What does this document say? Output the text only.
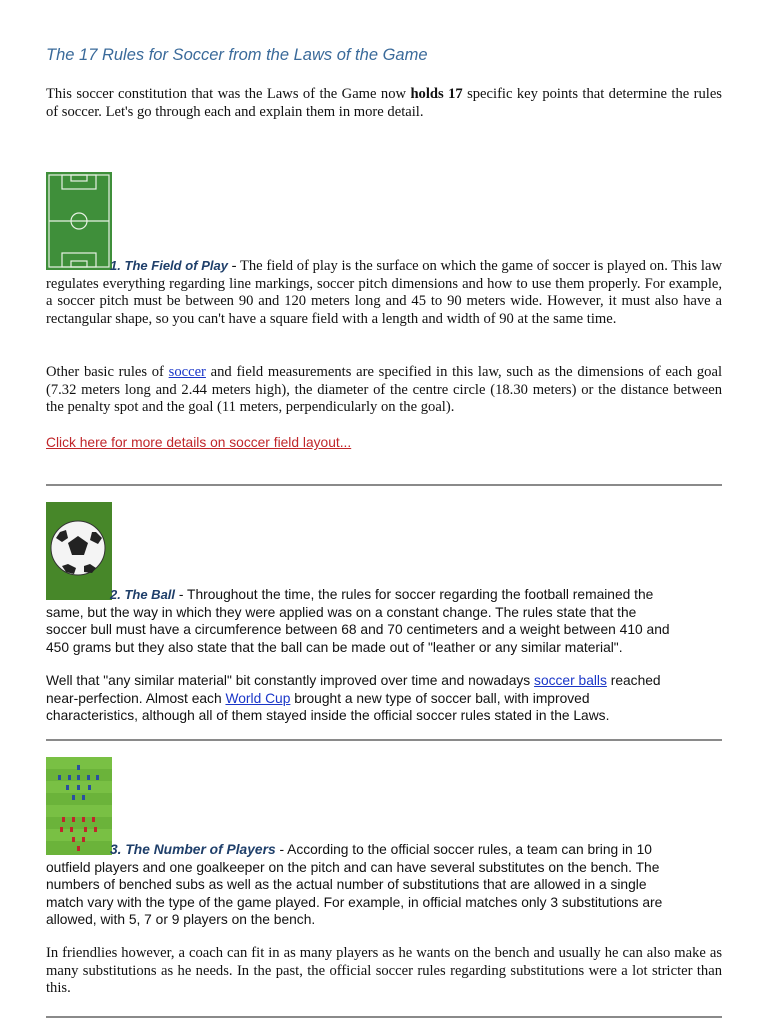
The 17 Rules for Soccer from the Laws of the Game

This soccer constitution that was the Laws of the Game now holds 17 specific key points that determine the rules of soccer. Let's go through each and explain them in more detail.

1. The Field of Play - The field of play is the surface on which the game of soccer is played on. This law regulates everything regarding line markings, soccer pitch dimensions and how to use them properly. For example, a soccer pitch must be between 90 and 120 meters long and 45 to 90 meters wide. However, it must also have a rectangular shape, so you can't have a square field with a length and width of 90 at the same time.

Other basic rules of soccer and field measurements are specified in this law, such as the dimensions of each goal (7.32 meters long and 2.44 meters high), the diameter of the centre circle (18.30 meters) or the distance between the penalty spot and the goal (11 meters, perpendicularly on the goal).

Click here for more details on soccer field layout...

2. The Ball - Throughout the time, the rules for soccer regarding the football remained the
same, but the way in which they were applied was on a constant change. The rules state that the
soccer bull must have a circumference between 68 and 70 centimeters and a weight between 410 and
450 grams but they also state that the ball can be made out of "leather or any similar material".
Well that "any similar material" bit constantly improved over time and nowadays soccer balls reached
near-perfection. Almost each World Cup brought a new type of soccer ball, with improved
characteristics, although all of them stayed inside the official soccer rules stated in the Laws.
3. The Number of Players - According to the official soccer rules, a team can bring in 10
outfield players and one goalkeeper on the pitch and can have several substitutes on the bench. The
numbers of benched subs as well as the actual number of substitutions that are allowed in a single
match vary with the type of the game played. For example, in official matches only 3 substitutions are
allowed, with 5, 7 or 9 players on the bench.

In friendlies however, a coach can fit in as many players as he wants on the bench and usually he can also make as many substitutions as he needs. In the past, the official soccer rules regarding substitutions were a lot stricter than this.
